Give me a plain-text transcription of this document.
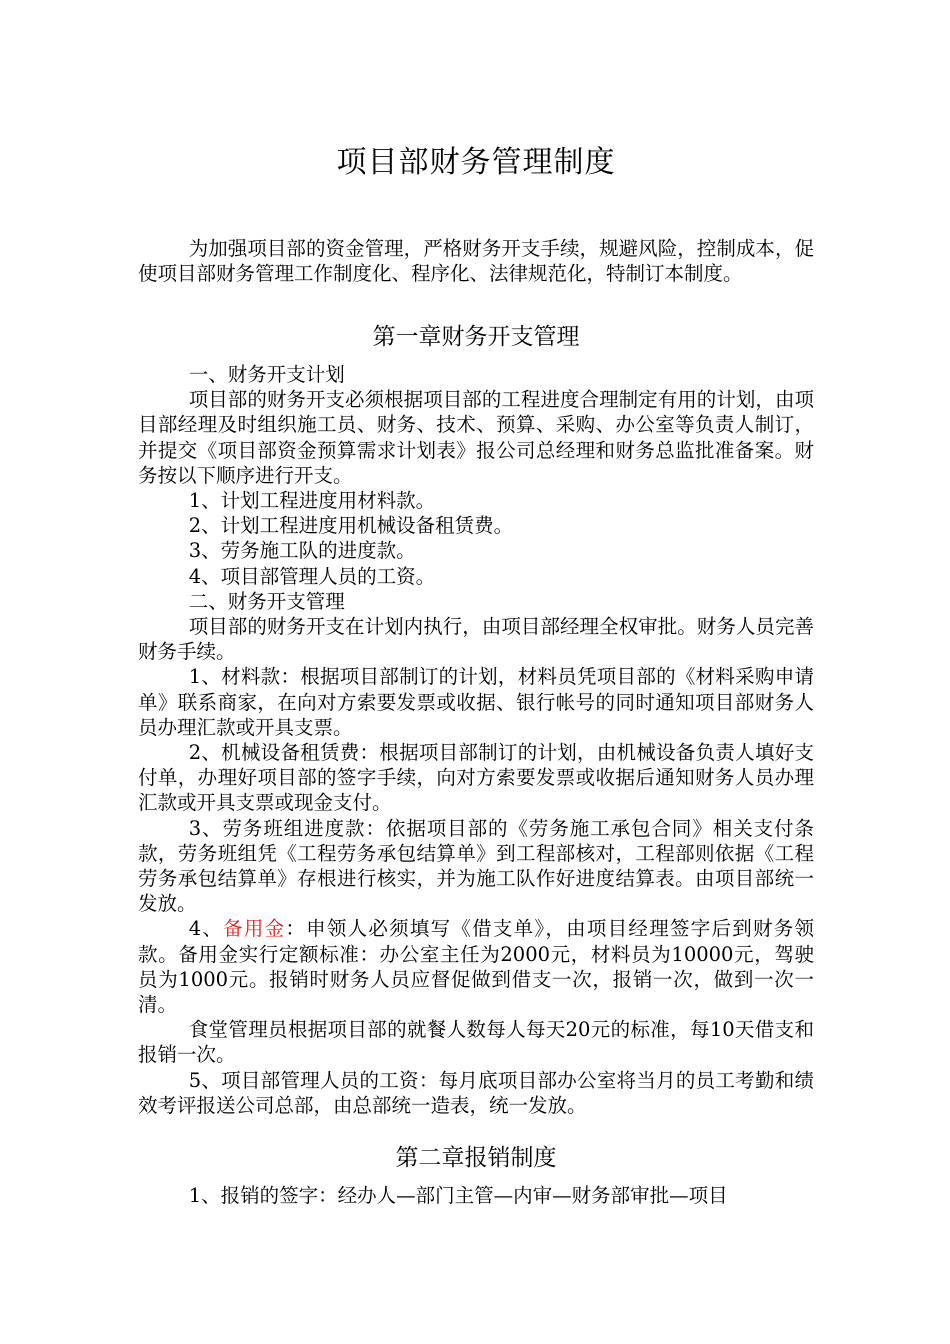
项目部财务管理制度

为加强项目部的资金管理，严格财务开支手续，规避风险，控制成本，促使项目部财务管理工作制度化、程序化、法律规范化，特制订本制度。

第一章财务开支管理

一、财务开支计划

项目部的财务开支必须根据项目部的工程进度合理制定有用的计划，由项目部经理及时组织施工员、财务、技术、预算、采购、办公室等负责人制订，并提交《项目部资金预算需求计划表》报公司总经理和财务总监批准备案。财务按以下顺序进行开支。

1、计划工程进度用材料款。

2、计划工程进度用机械设备租赁费。

3、劳务施工队的进度款。

4、项目部管理人员的工资。

二、财务开支管理

项目部的财务开支在计划内执行，由项目部经理全权审批。财务人员完善财务手续。

1、材料款：根据项目部制订的计划，材料员凭项目部的《材料采购申请单》联系商家，在向对方索要发票或收据、银行帐号的同时通知项目部财务人员办理汇款或开具支票。

2、机械设备租赁费：根据项目部制订的计划，由机械设备负责人填好支付单，办理好项目部的签字手续，向对方索要发票或收据后通知财务人员办理汇款或开具支票或现金支付。

3、劳务班组进度款：依据项目部的《劳务施工承包合同》相关支付条款，劳务班组凭《工程劳务承包结算单》到工程部核对，工程部则依据《工程劳务承包结算单》存根进行核实，并为施工队作好进度结算表。由项目部统一发放。

4、备用金：申领人必须填写《借支单》，由项目经理签字后到财务领款。备用金实行定额标准：办公室主任为2000元，材料员为10000元，驾驶员为1000元。报销时财务人员应督促做到借支一次，报销一次，做到一次一清。

食堂管理员根据项目部的就餐人数每人每天20元的标准，每10天借支和报销一次。

5、项目部管理人员的工资：每月底项目部办公室将当月的员工考勤和绩效考评报送公司总部，由总部统一造表，统一发放。

第二章报销制度

1、报销的签字：经办人—部门主管—内审—财务部审批—项目
